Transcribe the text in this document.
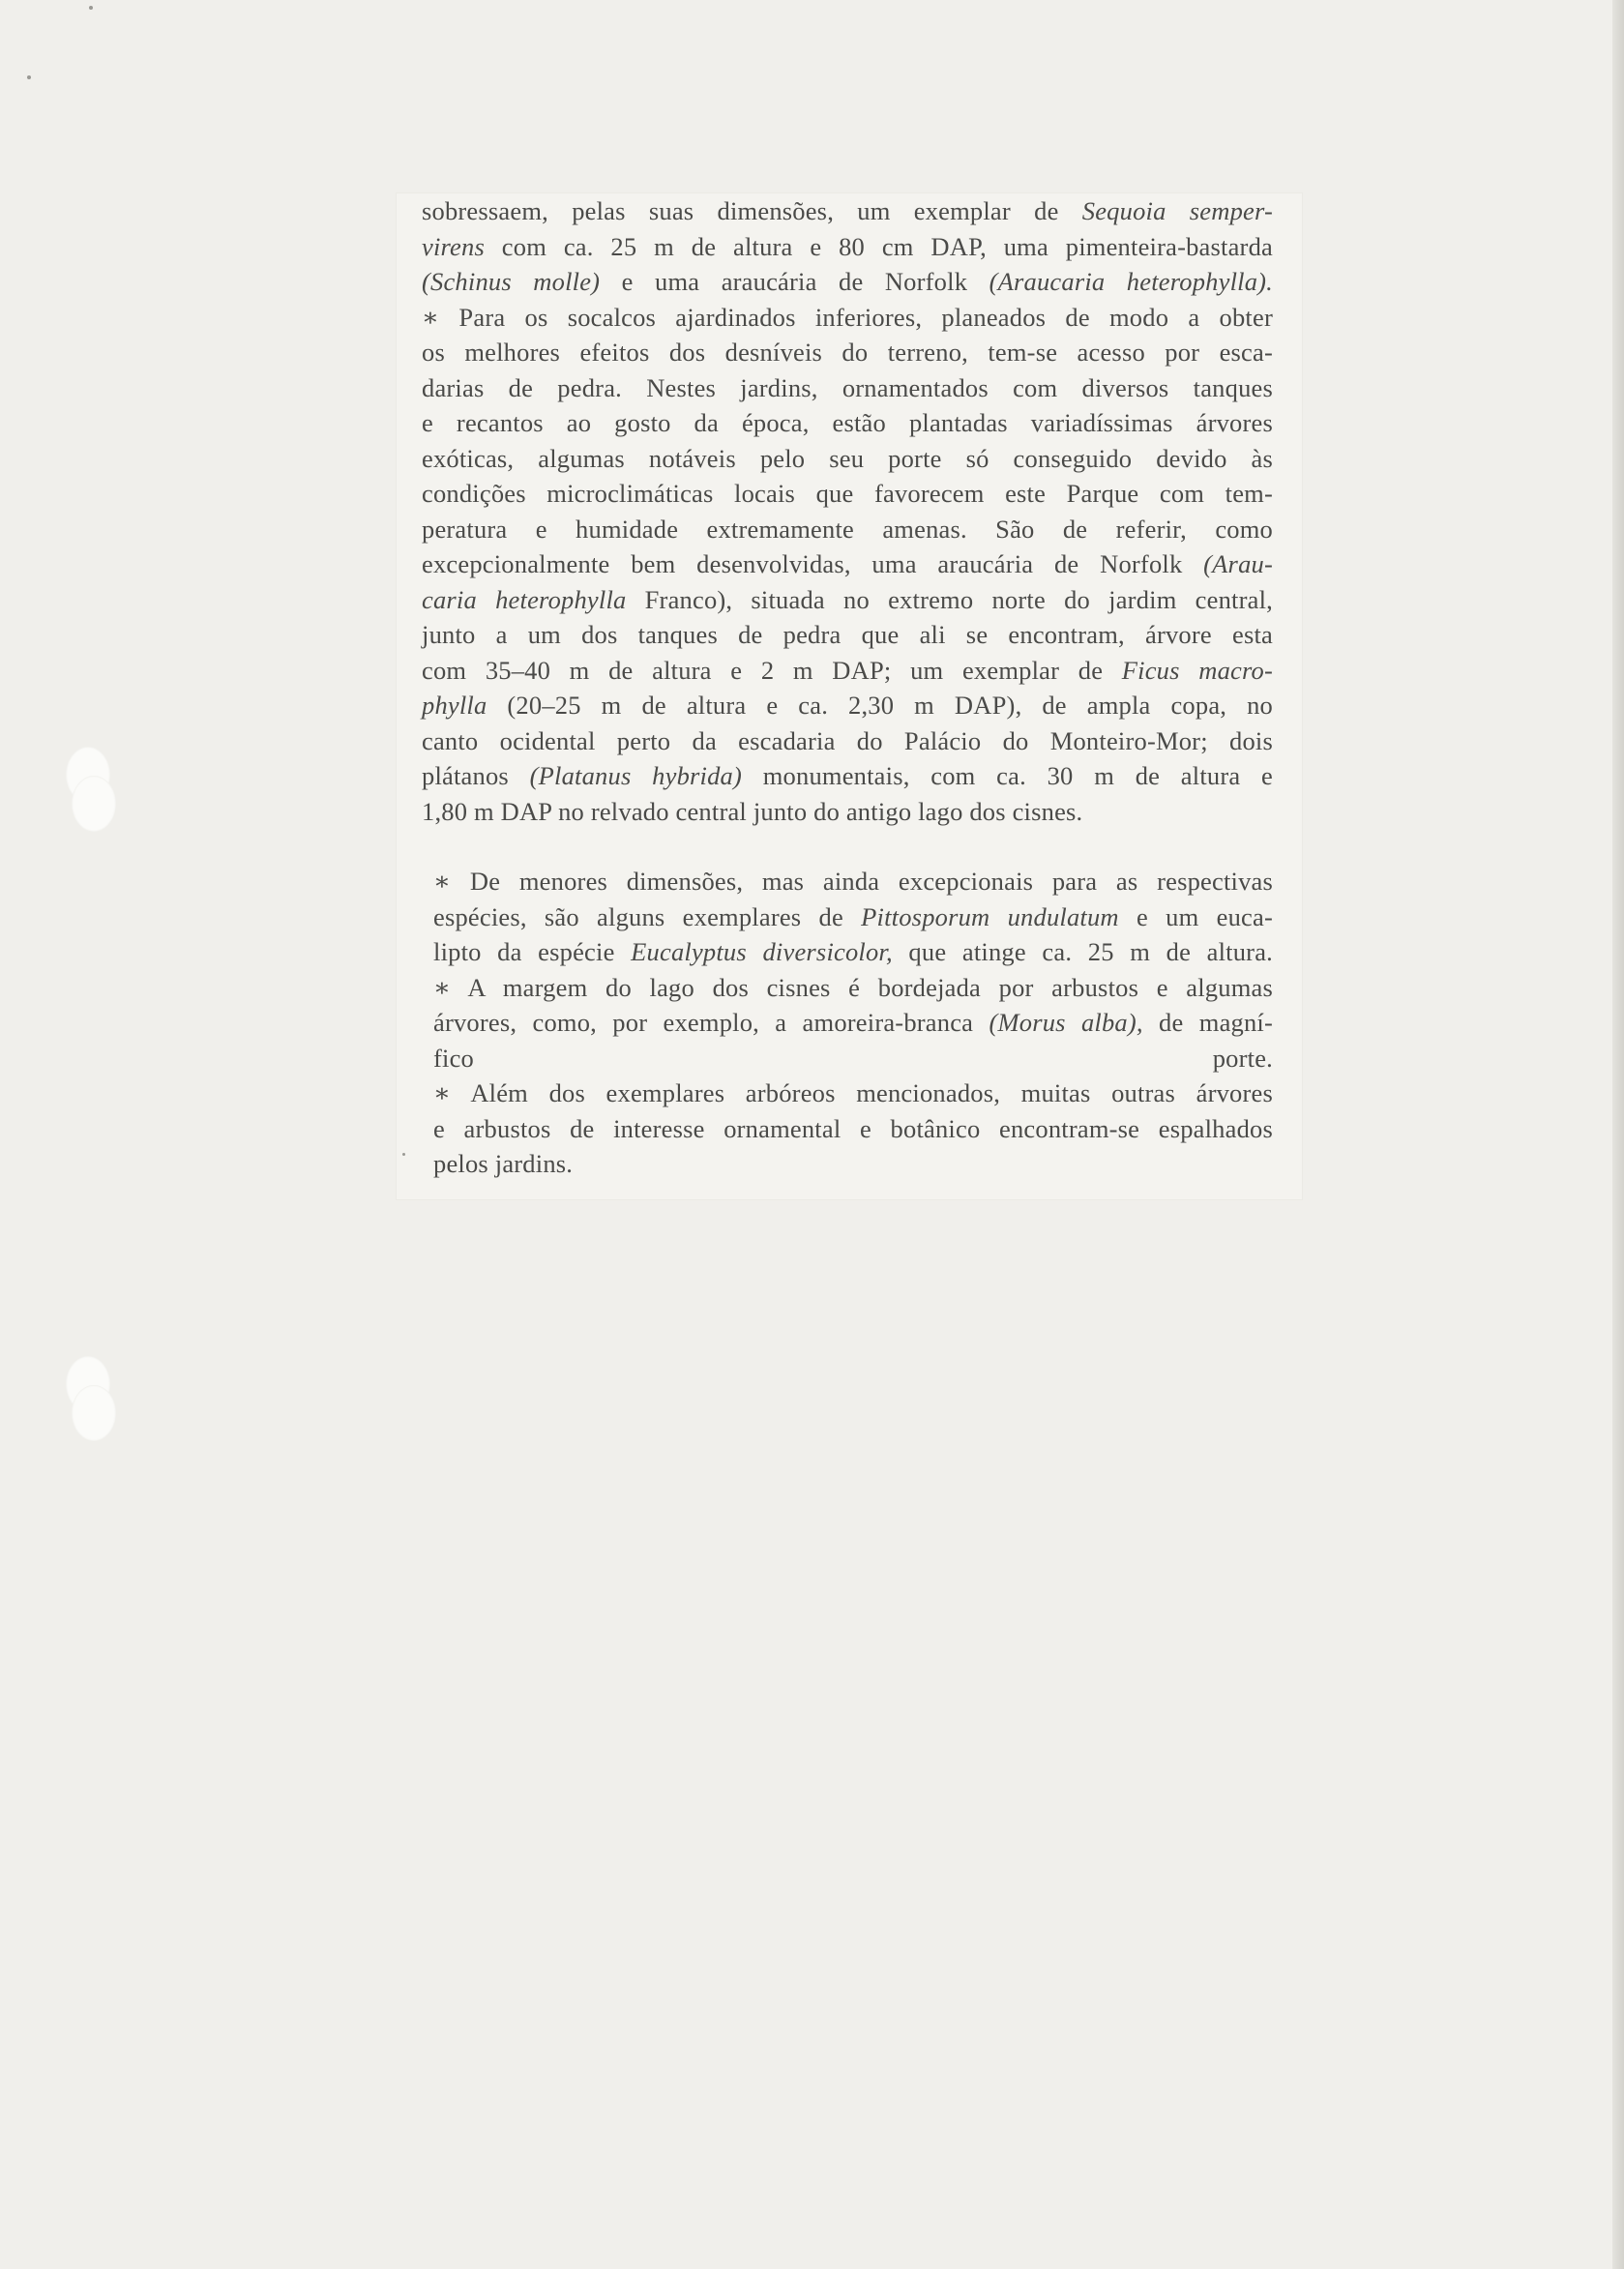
sobressaem, pelas suas dimensões, um exemplar de Sequoia semper-
virens com ca. 25 m de altura e 80 cm DAP, uma pimenteira-bastarda
(Schinus molle) e uma araucária de Norfolk (Araucaria heterophylla).
∗ Para os socalcos ajardinados inferiores, planeados de modo a obter
os melhores efeitos dos desníveis do terreno, tem-se acesso por esca-
darias de pedra. Nestes jardins, ornamentados com diversos tanques
e recantos ao gosto da época, estão plantadas variadíssimas árvores
exóticas, algumas notáveis pelo seu porte só conseguido devido às
condições microclimáticas locais que favorecem este Parque com tem-
peratura e humidade extremamente amenas. São de referir, como
excepcionalmente bem desenvolvidas, uma araucária de Norfolk (Arau-
caria heterophylla Franco), situada no extremo norte do jardim central,
junto a um dos tanques de pedra que ali se encontram, árvore esta
com 35–40 m de altura e 2 m DAP; um exemplar de Ficus macro-
phylla (20–25 m de altura e ca. 2,30 m DAP), de ampla copa, no
canto ocidental perto da escadaria do Palácio do Monteiro-Mor; dois
plátanos (Platanus hybrida) monumentais, com ca. 30 m de altura e
1,80 m DAP no relvado central junto do antigo lago dos cisnes.
∗ De menores dimensões, mas ainda excepcionais para as respectivas
espécies, são alguns exemplares de Pittosporum undulatum e um euca-
lipto da espécie Eucalyptus diversicolor, que atinge ca. 25 m de altura.
∗ A margem do lago dos cisnes é bordejada por arbustos e algumas
árvores, como, por exemplo, a amoreira-branca (Morus alba), de magní-
fico porte.
∗ Além dos exemplares arbóreos mencionados, muitas outras árvores
e arbustos de interesse ornamental e botânico encontram-se espalhados
pelos jardins.
